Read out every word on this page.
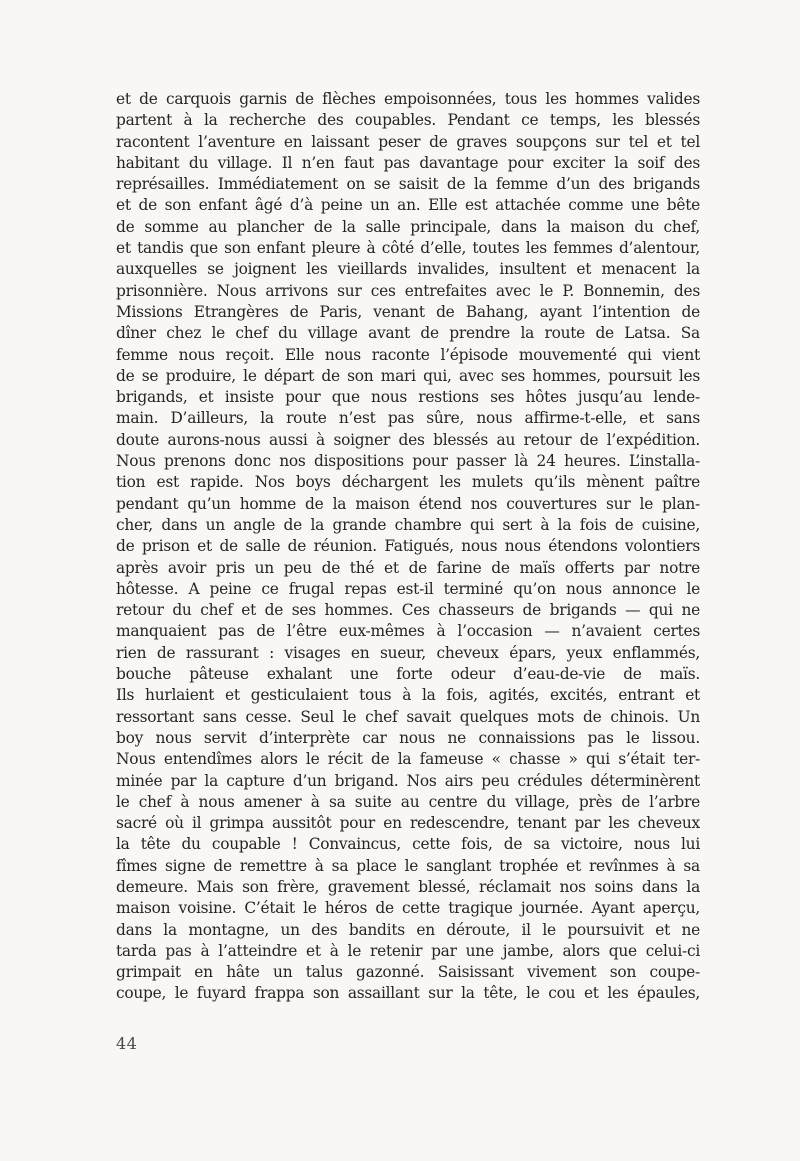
et de carquois garnis de flèches empoisonnées, tous les hommes valides
partent à la recherche des coupables. Pendant ce temps, les blessés
racontent l’aventure en laissant peser de graves soupçons sur tel et tel
habitant du village. Il n’en faut pas davantage pour exciter la soif des
représailles. Immédiatement on se saisit de la femme d’un des brigands
et de son enfant âgé d’à peine un an. Elle est attachée comme une bête
de somme au plancher de la salle principale, dans la maison du chef,
et tandis que son enfant pleure à côté d’elle, toutes les femmes d’alentour,
auxquelles se joignent les vieillards invalides, insultent et menacent la
prisonnière. Nous arrivons sur ces entrefaites avec le P. Bonnemin, des
Missions Etrangères de Paris, venant de Bahang, ayant l’intention de
dîner chez le chef du village avant de prendre la route de Latsa. Sa
femme nous reçoit. Elle nous raconte l’épisode mouvementé qui vient
de se produire, le départ de son mari qui, avec ses hommes, poursuit les
brigands, et insiste pour que nous restions ses hôtes jusqu’au lende-
main. D’ailleurs, la route n’est pas sûre, nous affirme-t-elle, et sans
doute aurons-nous aussi à soigner des blessés au retour de l’expédition.
Nous prenons donc nos dispositions pour passer là 24 heures. L’installa-
tion est rapide. Nos boys déchargent les mulets qu’ils mènent paître
pendant qu’un homme de la maison étend nos couvertures sur le plan-
cher, dans un angle de la grande chambre qui sert à la fois de cuisine,
de prison et de salle de réunion. Fatigués, nous nous étendons volontiers
après avoir pris un peu de thé et de farine de maïs offerts par notre
hôtesse. A peine ce frugal repas est-il terminé qu’on nous annonce le
retour du chef et de ses hommes. Ces chasseurs de brigands — qui ne
manquaient pas de l’être eux-mêmes à l’occasion — n’avaient certes
rien de rassurant : visages en sueur, cheveux épars, yeux enflammés,
bouche pâteuse exhalant une forte odeur d’eau-de-vie de maïs.
Ils hurlaient et gesticulaient tous à la fois, agités, excités, entrant et
ressortant sans cesse. Seul le chef savait quelques mots de chinois. Un
boy nous servit d’interprète car nous ne connaissions pas le lissou.
Nous entendîmes alors le récit de la fameuse « chasse » qui s’était ter-
minée par la capture d’un brigand. Nos airs peu crédules déterminèrent
le chef à nous amener à sa suite au centre du village, près de l’arbre
sacré où il grimpa aussitôt pour en redescendre, tenant par les cheveux
la tête du coupable ! Convaincus, cette fois, de sa victoire, nous lui
fîmes signe de remettre à sa place le sanglant trophée et revînmes à sa
demeure. Mais son frère, gravement blessé, réclamait nos soins dans la
maison voisine. C’était le héros de cette tragique journée. Ayant aperçu,
dans la montagne, un des bandits en déroute, il le poursuivit et ne
tarda pas à l’atteindre et à le retenir par une jambe, alors que celui-ci
grimpait en hâte un talus gazonné. Saisissant vivement son coupe-
coupe, le fuyard frappa son assaillant sur la tête, le cou et les épaules,
44
